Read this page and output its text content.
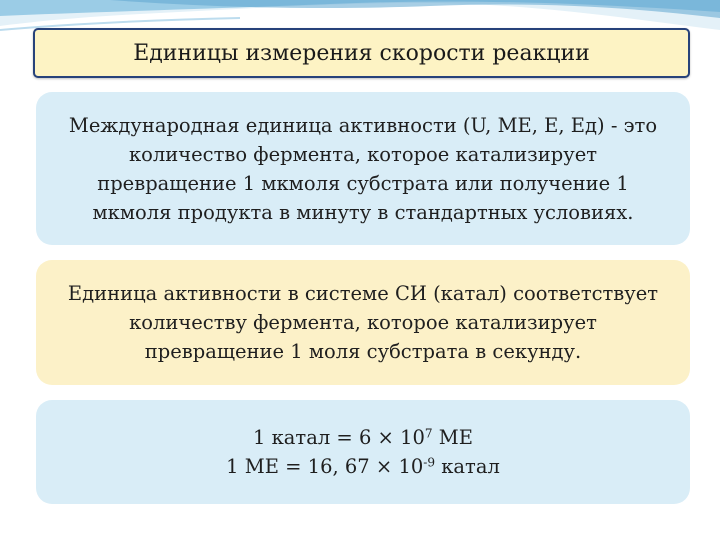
Единицы измерения скорости реакции
Международная единица активности (U, МЕ, Е, Ед) - это
количество фермента, которое катализирует
превращение 1 мкмоля субстрата или получение 1
мкмоля продукта в минуту в стандартных условиях.
Единица активности в системе СИ (катал) соответствует
количеству фермента, которое катализирует
превращение 1 моля субстрата в секунду.
1 катал = $6 \times 10^7$ МЕ
1 МЕ = 16, $67 \times 10^{-9}$ катал
